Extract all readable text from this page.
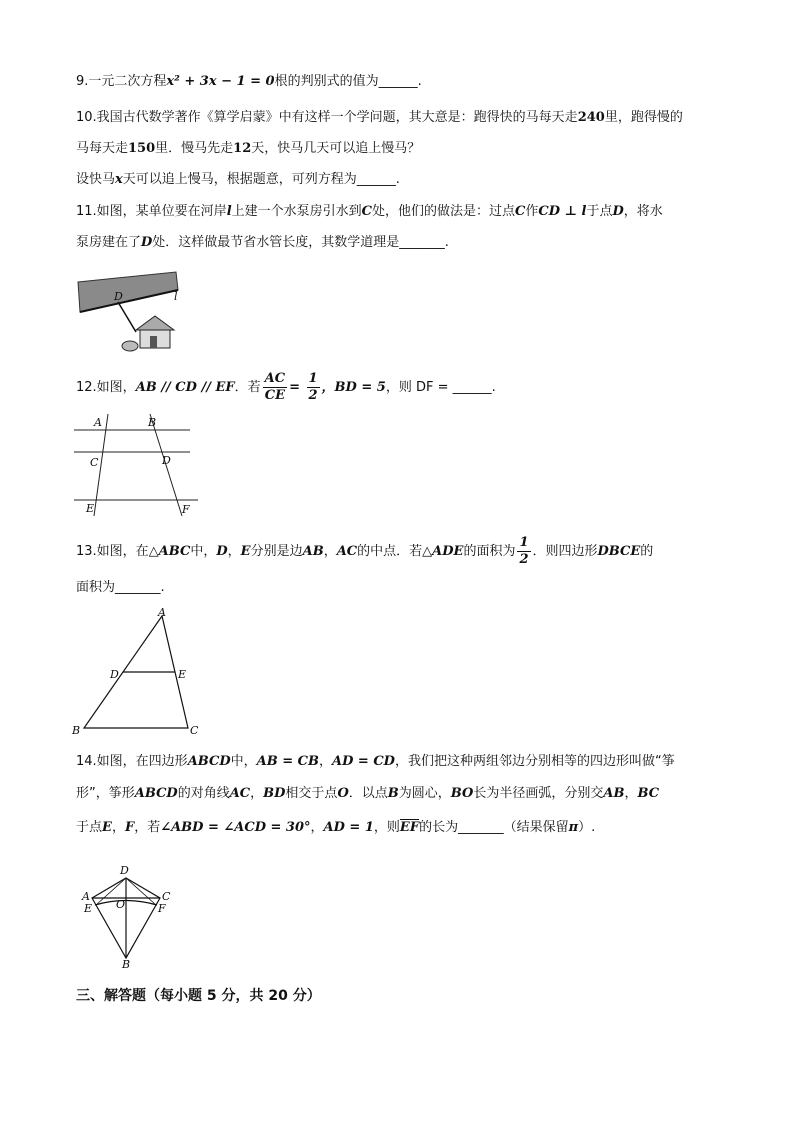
9.一元二次方程x² + 3x − 1 = 0根的判别式的值为______.
10.我国古代数学著作《算学启蒙》中有这样一个学问题，其大意是：跑得快的马每天走240里，跑得慢的
马每天走150里．慢马先走12天，快马几天可以追上慢马？
设快马x天可以追上慢马，根据题意，可列方程为______.
11.如图，某单位要在河岸l上建一个水泵房引水到C处，他们的做法是：过点C作CD ⊥ l于点D，将水
泵房建在了D处．这样做最节省水管长度，其数学道理是_______.
D	l
12.如图，AB // CD // EF．若 $\frac{AC}{CE} = \frac{1}{2}$ ，BD = 5，则 DF = ______.
A	B
C	D
E	F
13.如图，在△ABC中，D，E分别是边AB，AC的中点．若△ADE的面积为 $\frac{1}{2}$ ．则四边形DBCE的
面积为_______.
A
B	C
D	E
14.如图，在四边形ABCD中，AB = CB，AD = CD，我们把这种两组邻边分别相等的四边形叫做“筝
形”，筝形ABCD的对角线AC，BD相交于点O．以点B为圆心，BO长为半径画弧，分别交AB，BC
于点E，F，若∠ABD = ∠ACD = 30°，AD = 1，则$\overline{EF}$的长为_______（结果保留π）.
D
A	C
E	F
O
B
三、解答题（每小题 5 分，共 20 分）
